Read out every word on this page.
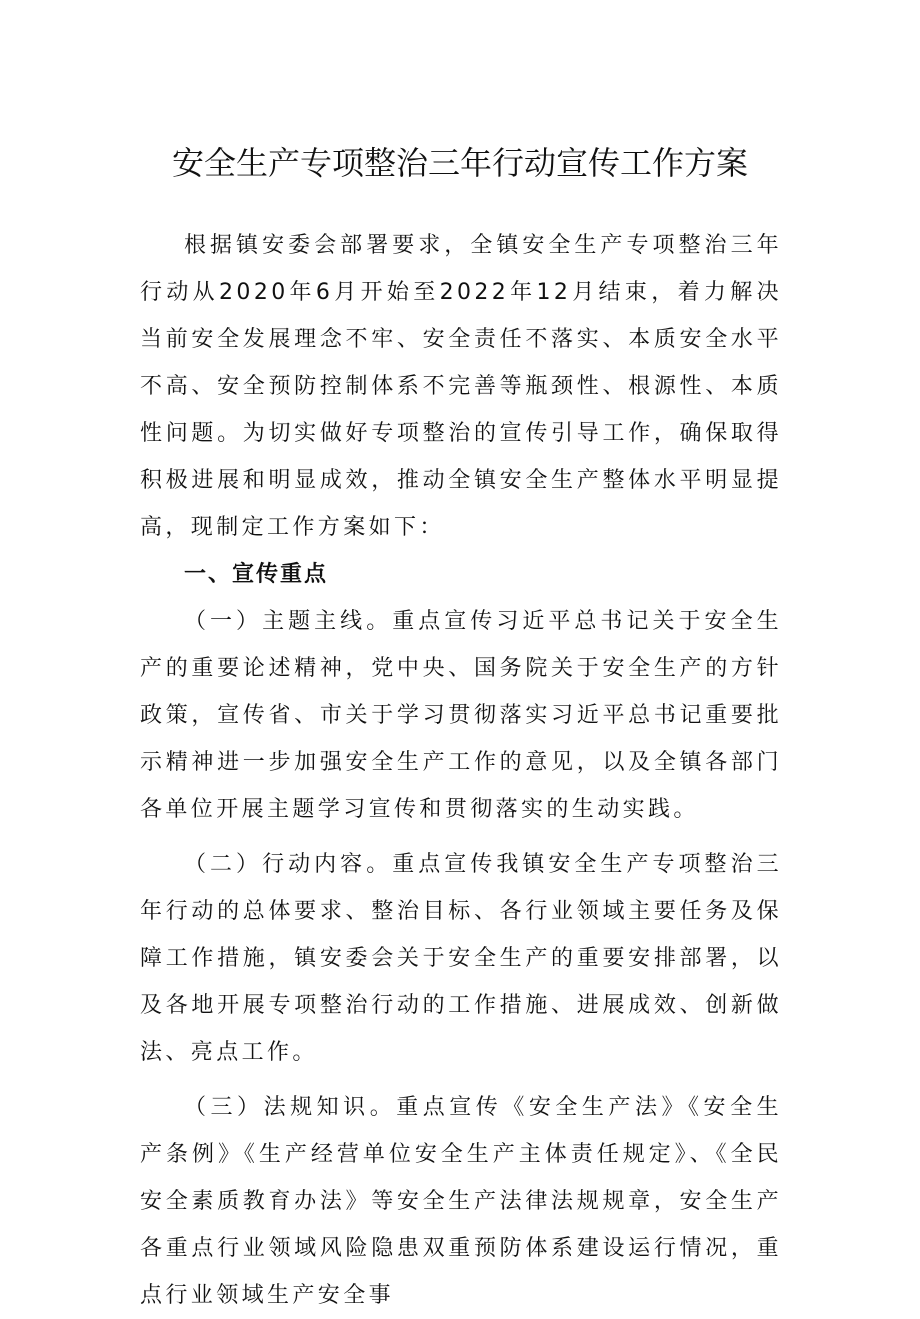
安全生产专项整治三年行动宣传工作方案

根据镇安委会部署要求，全镇安全生产专项整治三年行动从2020年6月开始至2022年12月结束，着力解决当前安全发展理念不牢、安全责任不落实、本质安全水平不高、安全预防控制体系不完善等瓶颈性、根源性、本质性问题。为切实做好专项整治的宣传引导工作，确保取得积极进展和明显成效，推动全镇安全生产整体水平明显提高，现制定工作方案如下：

一、宣传重点

（一）主题主线。重点宣传习近平总书记关于安全生产的重要论述精神，党中央、国务院关于安全生产的方针政策，宣传省、市关于学习贯彻落实习近平总书记重要批示精神进一步加强安全生产工作的意见，以及全镇各部门各单位开展主题学习宣传和贯彻落实的生动实践。

（二）行动内容。重点宣传我镇安全生产专项整治三年行动的总体要求、整治目标、各行业领域主要任务及保障工作措施，镇安委会关于安全生产的重要安排部署，以及各地开展专项整治行动的工作措施、进展成效、创新做法、亮点工作。

（三）法规知识。重点宣传《安全生产法》《安全生产条例》《生产经营单位安全生产主体责任规定》、《全民安全素质教育办法》等安全生产法律法规规章，安全生产各重点行业领域风险隐患双重预防体系建设运行情况，重点行业领域生产安全事
